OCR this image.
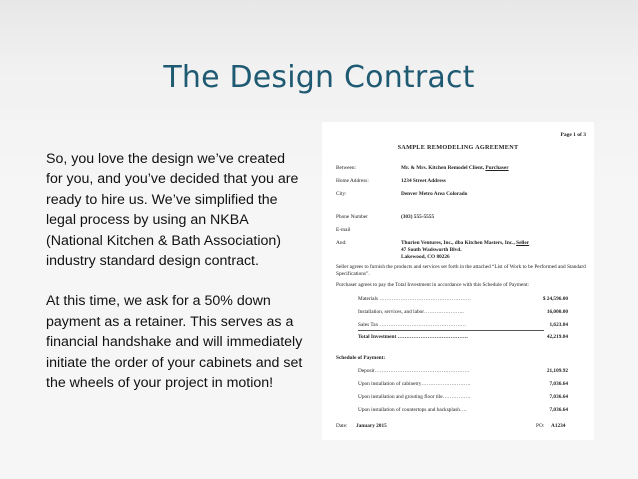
The Design Contract

So, you love the design we’ve created for you, and you’ve decided that you are ready to hire us. We’ve simplified the legal process by using an NKBA (National Kitchen & Bath Association) industry standard design contract.

At this time, we ask for a 50% down payment as a retainer. This serves as a financial handshake and will immediately initiate the order of your cabinets and set the wheels of your project in motion!

Page 1 of 3
SAMPLE REMODELING AGREEMENT
Between:	Mr. & Mrs. Kitchen Remodel Client, Purchaser
Home Address:	1234 Street Address
City:	Denver Metro Area Colorado
Phone Number	(303) 555-5555
E-mail
And:	Thurien Ventures, Inc., dba Kitchen Masters, Inc., Seller
47 South Wadsworth Blvd.
Lakewood, CO 80226
Seller agrees to furnish the products and services set forth in the attached “List of Work to be Performed and Standard Specifications”.
Purchaser agrees to pay the Total Investment in accordance with this Schedule of Payment:
Materials …………………………………………….	$ 24,596.00
Installation, services, and labor…………………..	16,000.00
Sales Tax ………………………………………….	1,623.84
Total Investment ………………………………….	42,219.84
Schedule of Payment:
Deposit………………………………………………	21,109.92
Upon installation of cabinetry……………………….	7,036.64
Upon installation and grouting floor tile…………….	7,036.64
Upon installation of countertops and backsplash….	7,036.64
Date:	January 2015	PO:	A1234
